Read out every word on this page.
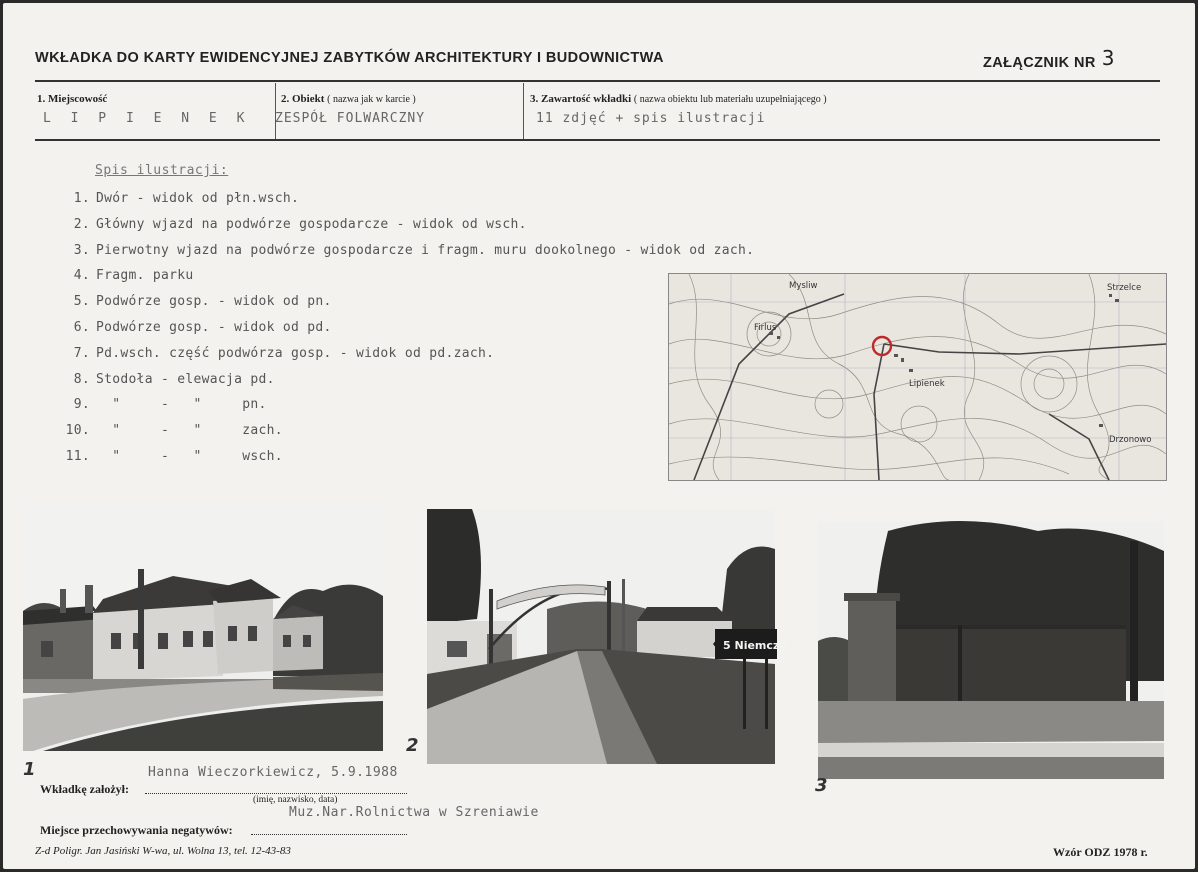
WKŁADKA DO KARTY EWIDENCYJNEJ ZABYTKÓW ARCHITEKTURY I BUDOWNICTWA	ZAŁĄCZNIK NR 3
1. Miejscowość
L I P I E N E K
2. Obiekt ( nazwa jak w karcie )
ZESPÓŁ FOLWARCZNY
3. Zawartość wkładki ( nazwa obiektu lub materiału uzupełniającego )
11 zdjęć + spis ilustracji
Spis ilustracji:
1. Dwór - widok od płn.wsch.
2. Główny wjazd na podwórze gospodarcze - widok od wsch.
3. Pierwotny wjazd na podwórze gospodarcze i fragm. muru dookolnego - widok od zach.
4. Fragm. parku
5. Podwórze gosp. - widok od pn.
6. Podwórze gosp. - widok od pd.
7. Pd.wsch. część podwórza gosp. - widok od pd.zach.
8. Stodoła - elewacja pd.
9. "     -   "     pn.
10. "     -   "     zach.
11. "     -   "     wsch.
Lipienek
Firlus
Drzonowo
Strzelce
Mysliw
1
5 Niemczy
2
3
Hanna Wieczorkiewicz, 5.9.1988
Wkładkę założył:
(imię, nazwisko, data)
Muz.Nar.Rolnictwa w Szreniawie
Miejsce przechowywania negatywów:
Z-d Poligr. Jan Jasiński W-wa, ul. Wolna 13, tel. 12-43-83	Wzór ODZ 1978 r.
